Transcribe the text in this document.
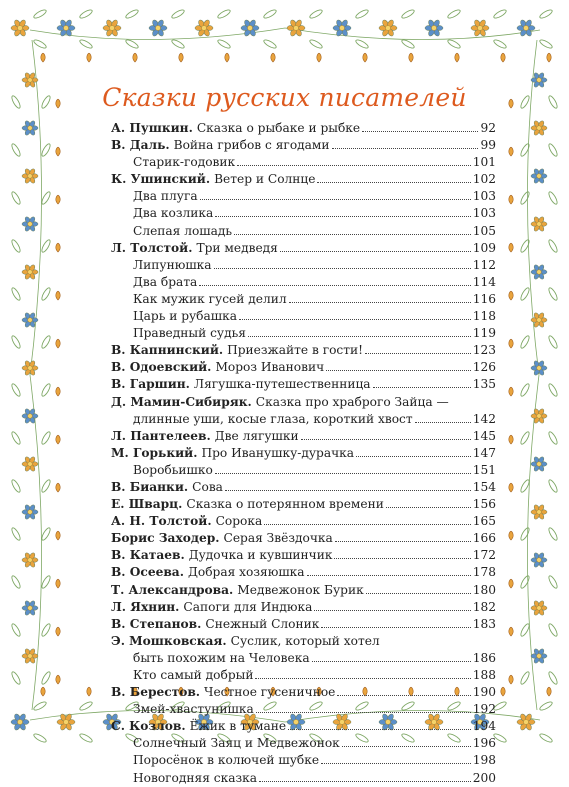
Сказки русских писателей
А. Пушкин. Сказка о рыбаке и рыбке	92
В. Даль. Война грибов с ягодами	99
Старик-годовик	101
К. Ушинский. Ветер и Солнце	102
Два плуга	103
Два козлика	103
Слепая лошадь	105
Л. Толстой. Три медведя	109
Липунюшка	112
Два брата	114
Как мужик гусей делил	116
Царь и рубашка	118
Праведный судья	119
В. Капнинский. Приезжайте в гости!	123
В. Одоевский. Мороз Иванович	126
В. Гаршин. Лягушка-путешественница	135
Д. Мамин-Сибиряк. Сказка про храброго Зайца —
длинные уши, косые глаза, короткий хвост	142
Л. Пантелеев. Две лягушки	145
М. Горький. Про Иванушку-дурачка	147
Воробьишко	151
В. Бианки. Сова	154
Е. Шварц. Сказка о потерянном времени	156
А. Н. Толстой. Сорока	165
Борис Заходер. Серая Звёздочка	166
В. Катаев. Дудочка и кувшинчик	172
В. Осеева. Добрая хозяюшка	178
Т. Александрова. Медвежонок Бурик	180
Л. Яхнин. Сапоги для Индюка	182
В. Степанов. Снежный Слоник	183
Э. Мошковская. Суслик, который хотел
быть похожим на Человека	186
Кто самый добрый	188
В. Берестов. Честное гусеничное	190
Змей-хвастунишка	192
С. Козлов. Ёжик в тумане	194
Солнечный Заяц и Медвежонок	196
Поросёнок в колючей шубке	198
Новогодняя сказка	200
